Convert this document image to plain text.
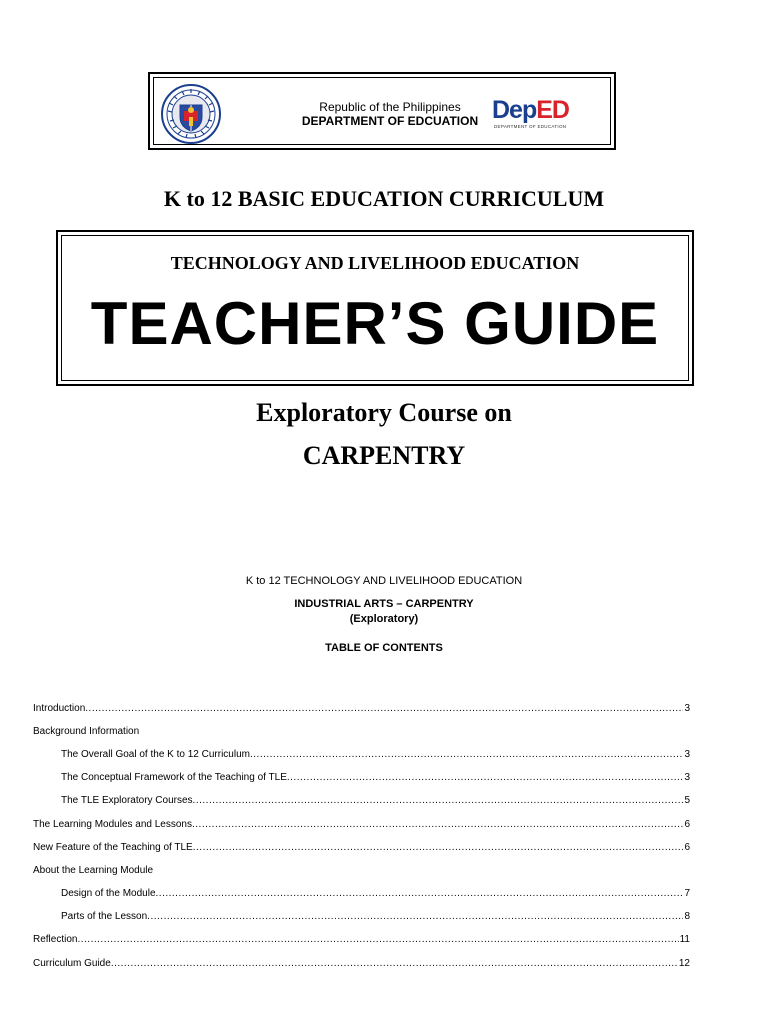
Republic of the Philippines
DEPARTMENT OF EDCUATION DepED
DEPARTMENT OF EDUCATION
K to 12 BASIC EDUCATION CURRICULUM
TECHNOLOGY AND LIVELIHOOD EDUCATION
TEACHER’S GUIDE
Exploratory Course on
CARPENTRY
K to 12 TECHNOLOGY AND LIVELIHOOD EDUCATION
INDUSTRIAL ARTS – CARPENTRY
(Exploratory)
TABLE OF CONTENTS
Introduction .....	3
Background Information
The Overall Goal of the K to 12 Curriculum .....	3
The Conceptual Framework of the Teaching of TLE .....	3
The TLE Exploratory Courses .....	5
The Learning Modules and Lessons .....	6
New Feature of the Teaching of TLE .....	6
About the Learning Module
Design of the Module .....	7
Parts of the Lesson .....	8
Reflection .....	11
Curriculum Guide .....	12
